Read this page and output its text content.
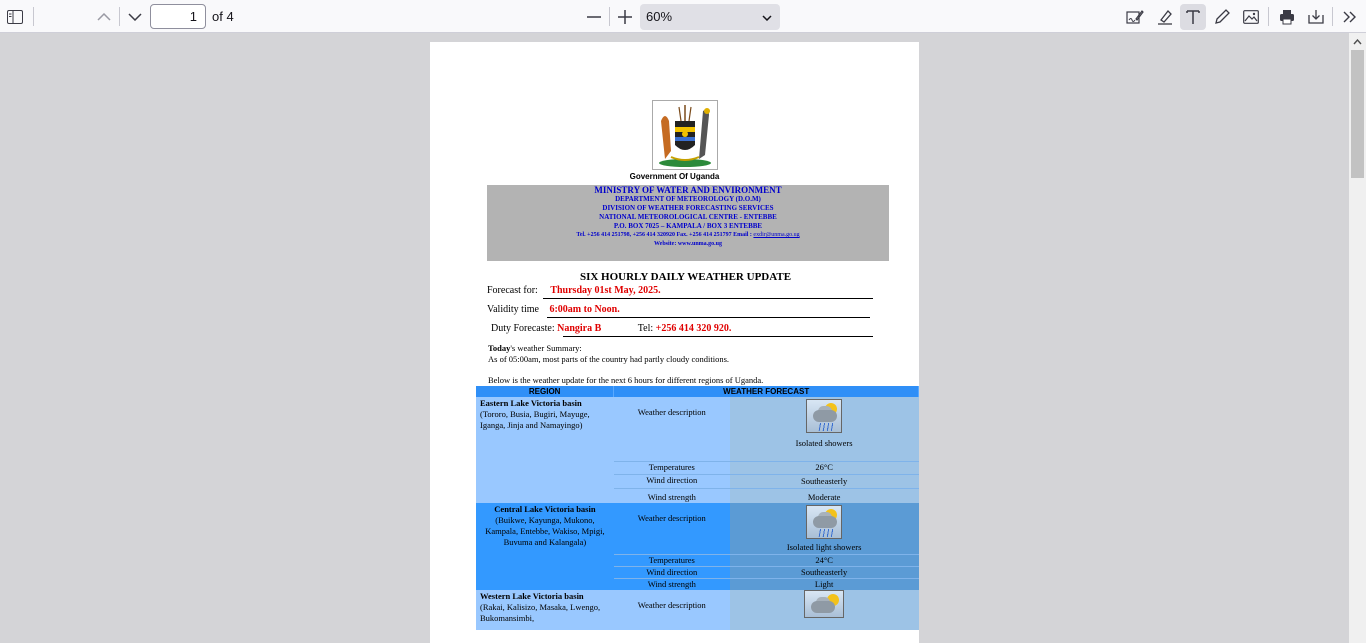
1	of 4	60%
Government Of Uganda
MINISTRY OF WATER AND ENVIRONMENT
DEPARTMENT OF METEOROLOGY (D.O.M)
DIVISION OF WEATHER FORECASTING SERVICES
NATIONAL METEOROLOGICAL CENTRE - ENTEBBE
P.O. BOX 7025 – KAMPALA / BOX 3 ENTEBBE
Tel. +256 414 251798, +256 414 320920 Fax. +256 414 251797 Email : exdir@unma.go.ug
Website: www.unma.go.ug
SIX HOURLY DAILY WEATHER UPDATE
Forecast for: Thursday 01st May, 2025.
Validity time 6:00am to Noon.
Duty Forecaste: Nangira B	Tel: +256 414 320 920.
Today's weather Summary:
As of 05:00am, most parts of the country had partly cloudy conditions.
Below is the weather update for the next 6 hours for different regions of Uganda.
REGION	WEATHER FORECAST	
Eastern Lake Victoria basin
(Tororo, Busia, Bugiri, Mayuge, Iganga, Jinja and Namayingo)	Weather description	Isolated showers

	Temperatures	26°C
	Wind direction	Southeasterly
	Wind strength	Moderate
Central Lake Victoria basin
(Buikwe, Kayunga, Mukono, Kampala, Entebbe, Wakiso, Mpigi, Buvuma and Kalangala)	Weather description	Isolated light showers

	Temperatures	24°C
	Wind direction	Southeasterly
	Wind strength	Light
Western Lake Victoria basin
(Rakai, Kalisizo, Masaka, Lwengo, Bukomansimbi,	Weather description	
